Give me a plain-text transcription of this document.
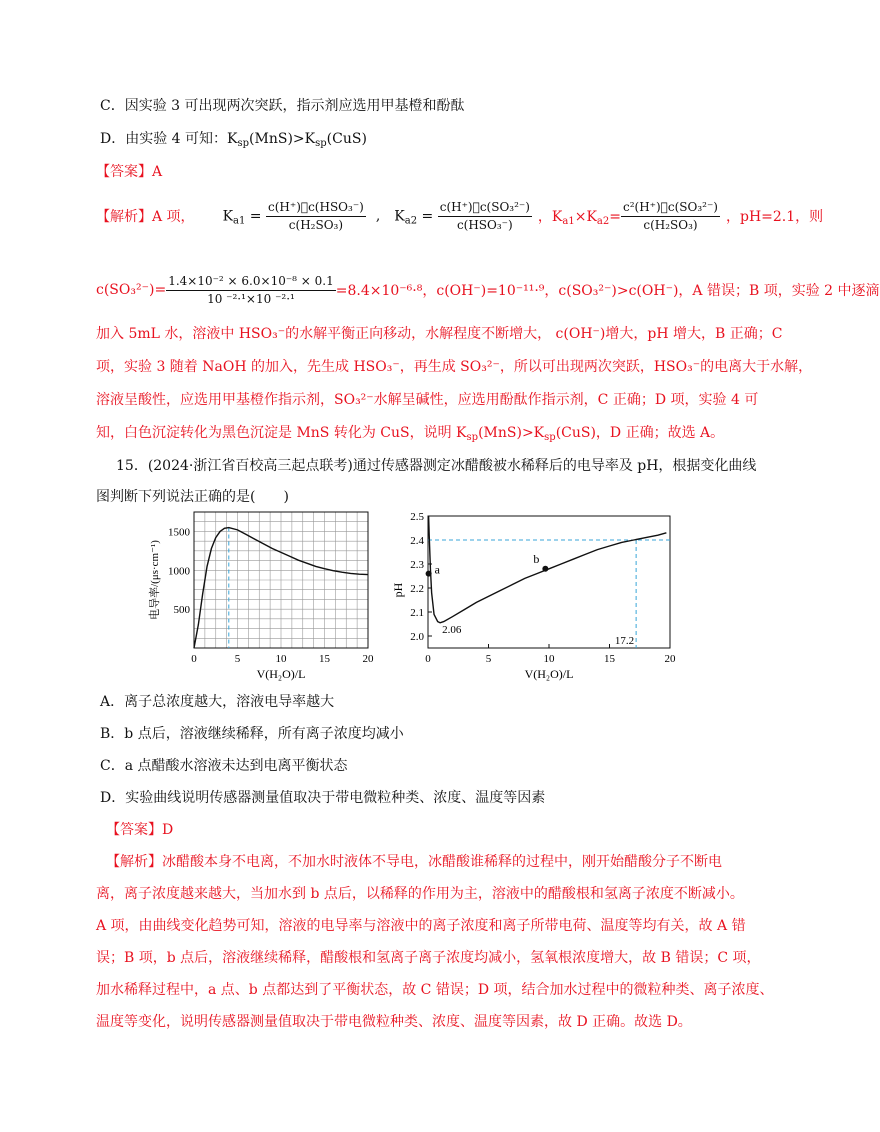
C．因实验 3 可出现两次突跃，指示剂应选用甲基橙和酚酞
D．由实验 4 可知：$K_{sp}(MnS)>K_{sp}(CuS)$
【答案】A
【解析】 A 项， $K_{a1} = \frac{\text{c(H⁺)⃞c(HSO₃⁻)}}{\text{c(H₂SO₃)}}$ , $K_{a2} = \frac{\text{c(H⁺)⃞c(SO₃²⁻)}}{\text{c(HSO₃⁻)}}$ ，$K_{a1}\times K_{a2}= \frac{\text{c²(H⁺)⃞c(SO₃²⁻)}}{\text{c(H₂SO₃)}}$ ，pH=2.1，则
$c(SO_3^{2-})= \frac{\text{1.4×10⁻² × 6.0×10⁻⁸ × 0.1}}{\text{10 ⁻²·¹×10 ⁻²·¹}} =8.4\times 10^{-6}\cdot^8$，c(OH⁻)=10⁻¹¹·⁹，c(SO₃²⁻)>c(OH⁻)，A 错误；B 项，实验 2 中逐滴
加入 5mL 水，溶液中 HSO₃⁻的水解平衡正向移动，水解程度不断增大， c(OH⁻)增大，pH 增大，B 正确；C
项，实验 3 随着 NaOH 的加入，先生成 HSO₃⁻，再生成 SO₃²⁻，所以可出现两次突跃，HSO₃⁻的电离大于水解，
溶液呈酸性，应选用甲基橙作指示剂，SO₃²⁻水解呈碱性，应选用酚酞作指示剂，C 正确；D 项，实验 4 可
知，白色沉淀转化为黑色沉淀是 MnS 转化为 CuS，说明 $K_{sp}(MnS)>K_{sp}(CuS)$，D 正确；故选 A。
15．(2024·浙江省百校高三起点联考)通过传感器测定冰醋酸被水稀释后的电导率及 pH，根据变化曲线
图判断下列说法正确的是(　　)
0	5	10	15	20
500
1000
1500
V(H₂O)/L
电导率/(μs·cm⁻¹)
0	5	10	15	20
2.0
2.1
2.2
2.3
2.4
2.5
V(H₂O)/L
pH
a
b
2.06
17.2
A．离子总浓度越大，溶液电导率越大
B．b 点后，溶液继续稀释，所有离子浓度均减小
C．a 点醋酸水溶液未达到电离平衡状态
D．实验曲线说明传感器测量值取决于带电微粒种类、浓度、温度等因素
【答案】D
【解析】冰醋酸本身不电离，不加水时液体不导电，冰醋酸谁稀释的过程中，刚开始醋酸分子不断电
离，离子浓度越来越大，当加水到 b 点后，以稀释的作用为主，溶液中的醋酸根和氢离子浓度不断减小。
A 项，由曲线变化趋势可知，溶液的电导率与溶液中的离子浓度和离子所带电荷、温度等均有关，故 A 错
误；B 项，b 点后，溶液继续稀释，醋酸根和氢离子离子浓度均减小，氢氧根浓度增大，故 B 错误；C 项，
加水稀释过程中，a 点、b 点都达到了平衡状态，故 C 错误；D 项，结合加水过程中的微粒种类、离子浓度、
温度等变化，说明传感器测量值取决于带电微粒种类、浓度、温度等因素，故 D 正确。故选 D。
